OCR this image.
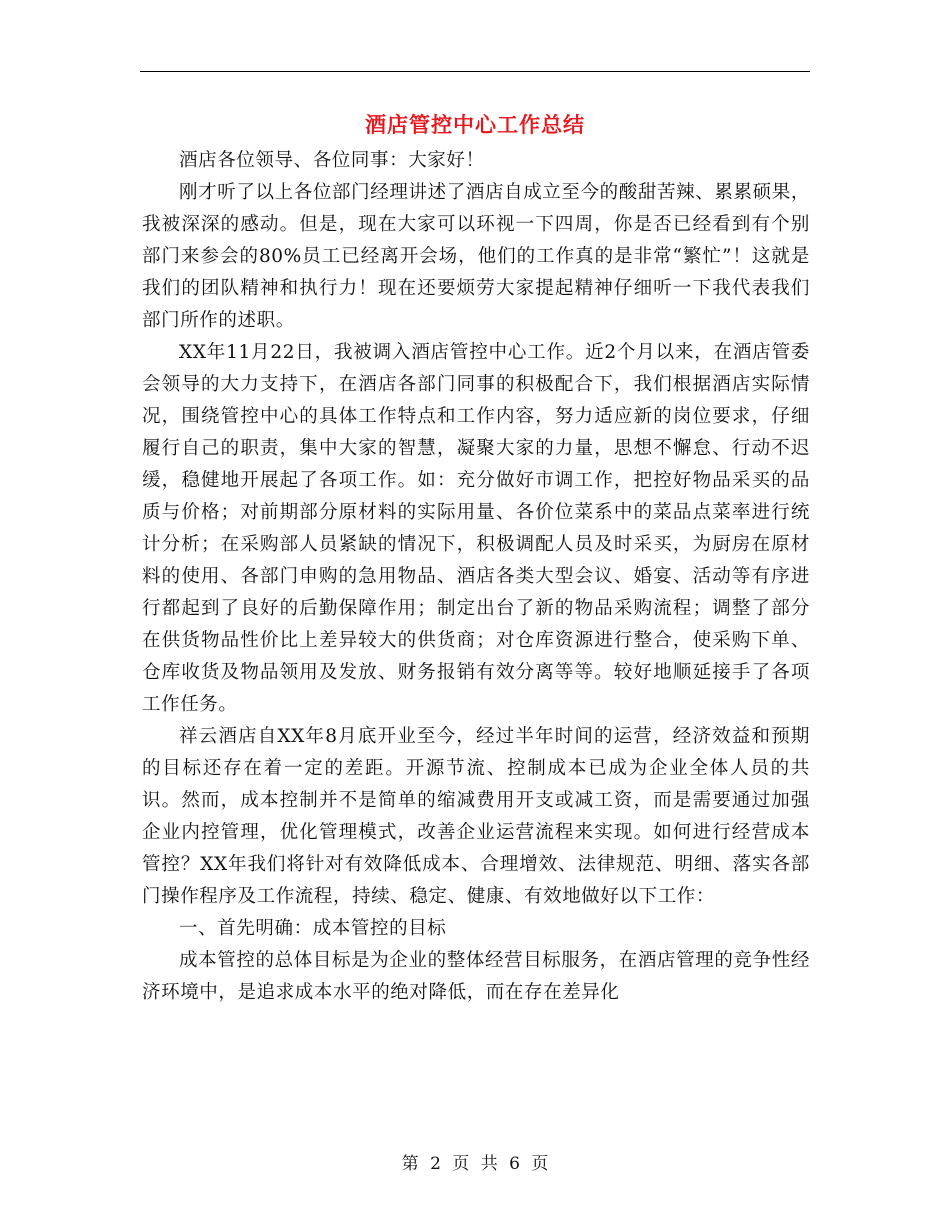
酒店管控中心工作总结

酒店各位领导、各位同事：大家好！

刚才听了以上各位部门经理讲述了酒店自成立至今的酸甜苦辣、累累硕果，我被深深的感动。但是，现在大家可以环视一下四周，你是否已经看到有个别部门来参会的80%员工已经离开会场，他们的工作真的是非常“繁忙”！这就是我们的团队精神和执行力！现在还要烦劳大家提起精神仔细听一下我代表我们部门所作的述职。

XX年11月22日，我被调入酒店管控中心工作。近2个月以来，在酒店管委会领导的大力支持下，在酒店各部门同事的积极配合下，我们根据酒店实际情况，围绕管控中心的具体工作特点和工作内容，努力适应新的岗位要求，仔细履行自己的职责，集中大家的智慧，凝聚大家的力量，思想不懈怠、行动不迟缓，稳健地开展起了各项工作。如：充分做好市调工作，把控好物品采买的品质与价格；对前期部分原材料的实际用量、各价位菜系中的菜品点菜率进行统计分析；在采购部人员紧缺的情况下，积极调配人员及时采买，为厨房在原材料的使用、各部门申购的急用物品、酒店各类大型会议、婚宴、活动等有序进行都起到了良好的后勤保障作用；制定出台了新的物品采购流程；调整了部分在供货物品性价比上差异较大的供货商；对仓库资源进行整合，使采购下单、仓库收货及物品领用及发放、财务报销有效分离等等。较好地顺延接手了各项工作任务。

祥云酒店自XX年8月底开业至今，经过半年时间的运营，经济效益和预期的目标还存在着一定的差距。开源节流、控制成本已成为企业全体人员的共识。然而，成本控制并不是简单的缩减费用开支或减工资，而是需要通过加强企业内控管理，优化管理模式，改善企业运营流程来实现。如何进行经营成本管控？XX年我们将针对有效降低成本、合理增效、法律规范、明细、落实各部门操作程序及工作流程，持续、稳定、健康、有效地做好以下工作：

一、首先明确：成本管控的目标

成本管控的总体目标是为企业的整体经营目标服务，在酒店管理的竞争性经济环境中，是追求成本水平的绝对降低，而在存在差异化

第 2 页 共 6 页
